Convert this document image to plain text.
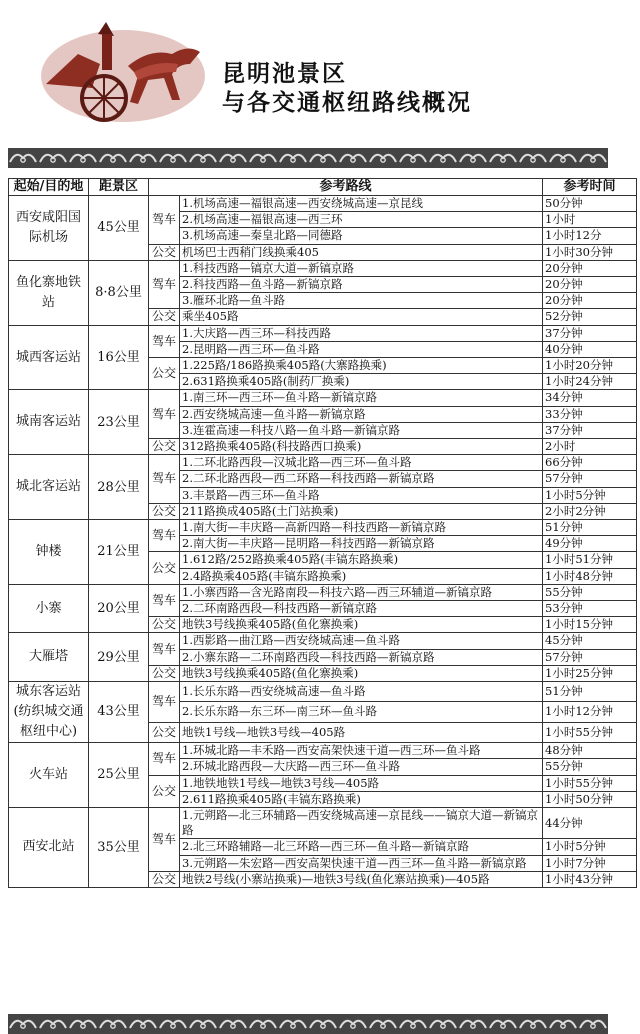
昆明池景区
与各交通枢纽路线概况
起始/目的地	距景区	参考路线		参考时间
西安咸阳国际机场	45公里	驾车	1.机场高速—福银高速—西安绕城高速—京昆线	50分钟
			2.机场高速—福银高速—西三环	1小时
			3.机场高速—秦皇北路—同德路	1小时12分
		公交	机场巴士西稍门线换乘405	1小时30分钟
鱼化寨地铁站	8·8公里	驾车	1.科技西路—镐京大道—新镐京路	20分钟
			2.科技西路—鱼斗路—新镐京路	20分钟
			3.雁环北路—鱼斗路	20分钟
		公交	乘坐405路	52分钟
城西客运站	16公里	驾车	1.大庆路—西三环—科技西路	37分钟
			2.昆明路—西三环—鱼斗路	40分钟
		公交	1.225路/186路换乘405路(大寨路换乘)	1小时20分钟
			2.631路换乘405路(制药厂换乘)	1小时24分钟
城南客运站	23公里	驾车	1.南三环—西三环—鱼斗路—新镐京路	34分钟
			2.西安绕城高速—鱼斗路—新镐京路	33分钟
			3.连霍高速—科技八路—鱼斗路—新镐京路	37分钟
		公交	312路换乘405路(科技路西口换乘)	2小时
城北客运站	28公里	驾车	1.二环北路西段—汉城北路—西三环—鱼斗路	66分钟
			2.二环北路西段—西二环路—科技西路—新镐京路	57分钟
			3.丰景路—西三环—鱼斗路	1小时5分钟
		公交	211路换成405路(土门站换乘)	2小时2分钟
钟楼	21公里	驾车	1.南大街—丰庆路—高新四路—科技西路—新镐京路	51分钟
			2.南大街—丰庆路—昆明路—科技西路—新镐京路	49分钟
		公交	1.612路/252路换乘405路(丰镐东路换乘)	1小时51分钟
			2.4路换乘405路(丰镐东路换乘)	1小时48分钟
小寨	20公里	驾车	1.小寨西路—含光路南段—科技六路—西三环辅道—新镐京路	55分钟
			2.二环南路西段—科技西路—新镐京路	53分钟
		公交	地铁3号线换乘405路(鱼化寨换乘)	1小时15分钟
大雁塔	29公里	驾车	1.西影路—曲江路—西安绕城高速—鱼斗路	45分钟
			2.小寨东路—二环南路西段—科技西路—新镐京路	57分钟
		公交	地铁3号线换乘405路(鱼化寨换乘)	1小时25分钟
城东客运站(纺织城交通枢纽中心)	43公里	驾车	1.长乐东路—西安绕城高速—鱼斗路	51分钟
			2.长乐东路—东三环—南三环—鱼斗路	1小时12分钟
		公交	地铁1号线—地铁3号线—405路	1小时55分钟
火车站	25公里	驾车	1.环城北路—丰禾路—西安高架快速干道—西三环—鱼斗路	48分钟
			2.环城北路西段—大庆路—西三环—鱼斗路	55分钟
		公交	1.地铁地铁1号线—地铁3号线—405路	1小时55分钟
			2.611路换乘405路(丰镐东路换乘)	1小时50分钟
西安北站	35公里	驾车	1.元朔路—北三环辅路—西安绕城高速—京昆线——镐京大道—新镐京路	44分钟
			2.北三环路辅路—北三环路—西三环—鱼斗路—新镐京路	1小时5分钟
			3.元朔路—朱宏路—西安高架快速干道—西三环—鱼斗路—新镐京路	1小时7分钟
		公交	地铁2号线(小寨站换乘)—地铁3号线(鱼化寨站换乘)—405路	1小时43分钟
